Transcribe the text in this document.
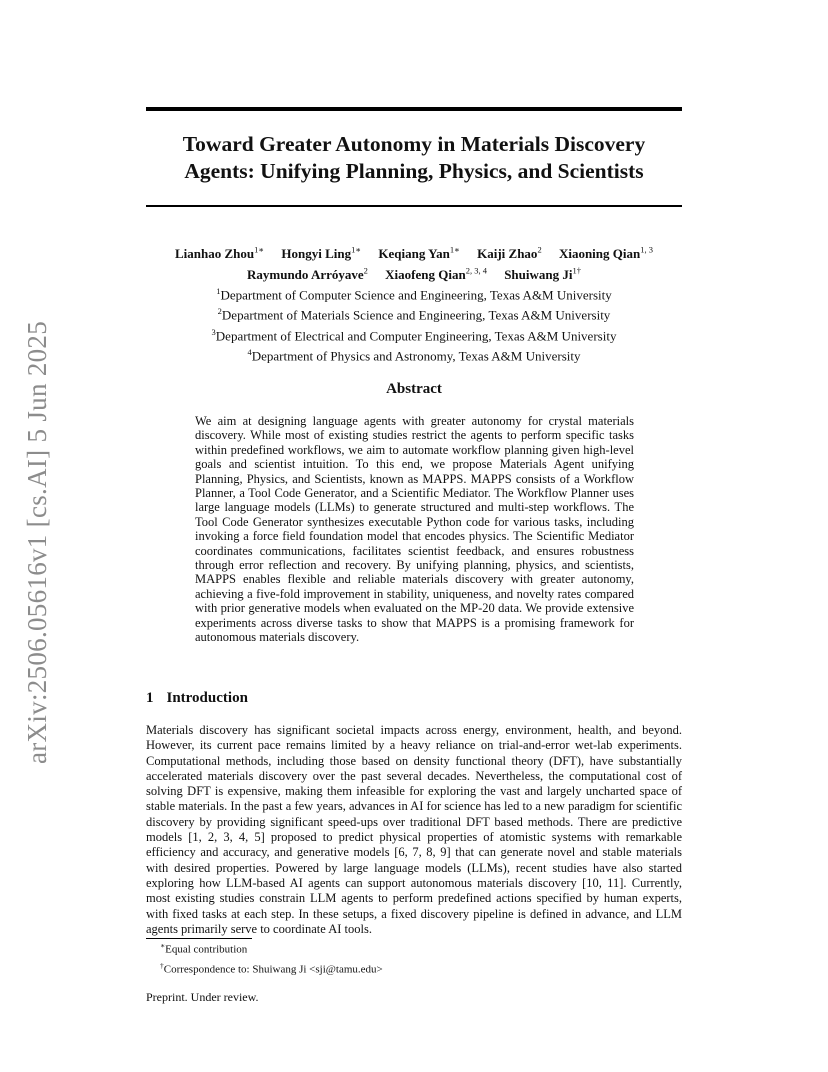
arXiv:2506.05616v1 [cs.AI] 5 Jun 2025
Toward Greater Autonomy in Materials Discovery
Agents: Unifying Planning, Physics, and Scientists
Lianhao Zhou$^{1∗}$ Hongyi Ling$^{1∗}$ Keqiang Yan$^{1∗}$ Kaiji Zhao$^2$ Xiaoning Qian$^{1, 3}$
Raymundo Arróyave$^2$ Xiaofeng Qian$^{2, 3, 4}$ Shuiwang $Ji^{1\dagger}$
$^1$Department of Computer Science and Engineering, Texas A&M University
$^2$Department of Materials Science and Engineering, Texas A&M University
$^3$Department of Electrical and Computer Engineering, Texas A&M University
$^4$Department of Physics and Astronomy, Texas A&M University
Abstract
We aim at designing language agents with greater autonomy for crystal materials discovery. While most of existing studies restrict the agents to perform specific tasks within predefined workflows, we aim to automate workflow planning given high-level goals and scientist intuition. To this end, we propose Materials Agent unifying Planning, Physics, and Scientists, known as MAPPS. MAPPS consists of a Workflow Planner, a Tool Code Generator, and a Scientific Mediator. The Workflow Planner uses large language models (LLMs) to generate structured and multi-step workflows. The Tool Code Generator synthesizes executable Python code for various tasks, including invoking a force field foundation model that encodes physics. The Scientific Mediator coordinates communications, facilitates scientist feedback, and ensures robustness through error reflection and recovery. By unifying planning, physics, and scientists, MAPPS enables flexible and reliable materials discovery with greater autonomy, achieving a five-fold improvement in stability, uniqueness, and novelty rates compared with prior generative models when evaluated on the MP-20 data. We provide extensive experiments across diverse tasks to show that MAPPS is a promising framework for autonomous materials discovery.
1 Introduction
Materials discovery has significant societal impacts across energy, environment, health, and beyond. However, its current pace remains limited by a heavy reliance on trial-and-error wet-lab experiments. Computational methods, including those based on density functional theory (DFT), have substantially accelerated materials discovery over the past several decades. Nevertheless, the computational cost of solving DFT is expensive, making them infeasible for exploring the vast and largely uncharted space of stable materials. In the past a few years, advances in AI for science has led to a new paradigm for scientific discovery by providing significant speed-ups over traditional DFT based methods. There are predictive models [1, 2, 3, 4, 5] proposed to predict physical properties of atomistic systems with remarkable efficiency and accuracy, and generative models [6, 7, 8, 9] that can generate novel and stable materials with desired properties. Powered by large language models (LLMs), recent studies have also started exploring how LLM-based AI agents can support autonomous materials discovery [10, 11]. Currently, most existing studies constrain LLM agents to perform predefined actions specified by human experts, with fixed tasks at each step. In these setups, a fixed discovery pipeline is defined in advance, and LLM agents primarily serve to coordinate AI tools.
∗Equal contribution
†Correspondence to: Shuiwang Ji <sji@tamu.edu>
Preprint. Under review.
